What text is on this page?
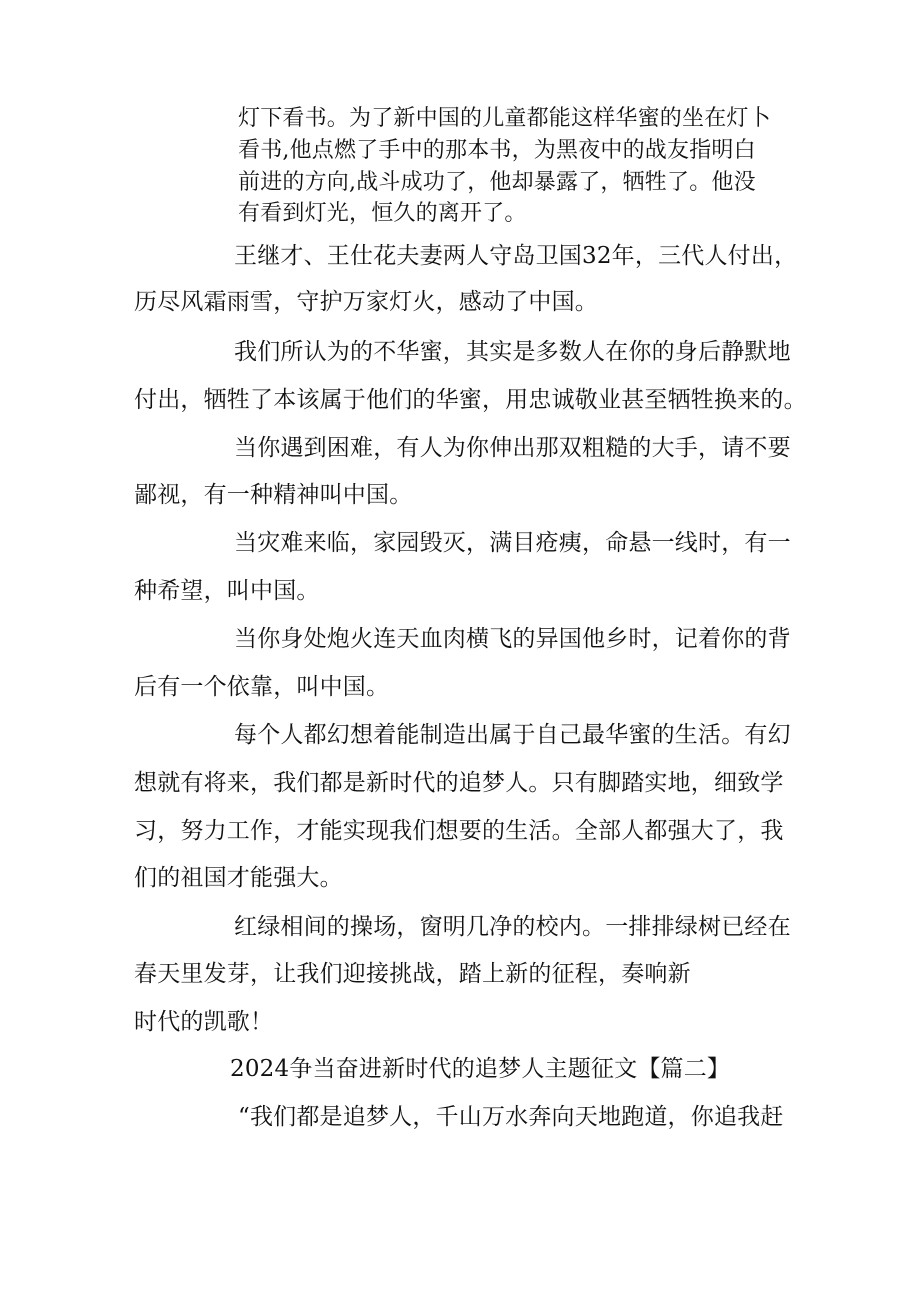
灯下看书。为了新中国的儿童都能这样华蜜的坐在灯卜
看书,他点燃了手中的那本书，为黑夜中的战友指明白
前进的方向,战斗成功了，他却暴露了，牺牲了。他没
有看到灯光，恒久的离开了。
王继才、王仕花夫妻两人守岛卫国32年，三代人付出，
历尽风霜雨雪，守护万家灯火，感动了中国。
我们所认为的不华蜜，其实是多数人在你的身后静默地
付出，牺牲了本该属于他们的华蜜，用忠诚敬业甚至牺牲换来的。
当你遇到困难，有人为你伸出那双粗糙的大手，请不要
鄙视，有一种精神叫中国。
当灾难来临，家园毁灭，满目疮痍，命悬一线时，有一
种希望，叫中国。
当你身处炮火连天血肉横飞的异国他乡时，记着你的背
后有一个依靠，叫中国。
每个人都幻想着能制造出属于自己最华蜜的生活。有幻
想就有将来，我们都是新时代的追梦人。只有脚踏实地，细致学
习，努力工作，才能实现我们想要的生活。全部人都强大了，我
们的祖国才能强大。
红绿相间的操场，窗明几净的校内。一排排绿树已经在
春天里发芽，让我们迎接挑战，踏上新的征程，奏响新
时代的凯歌！
2024争当奋进新时代的追梦人主题征文【篇二】
“我们都是追梦人，千山万水奔向天地跑道，你追我赶
